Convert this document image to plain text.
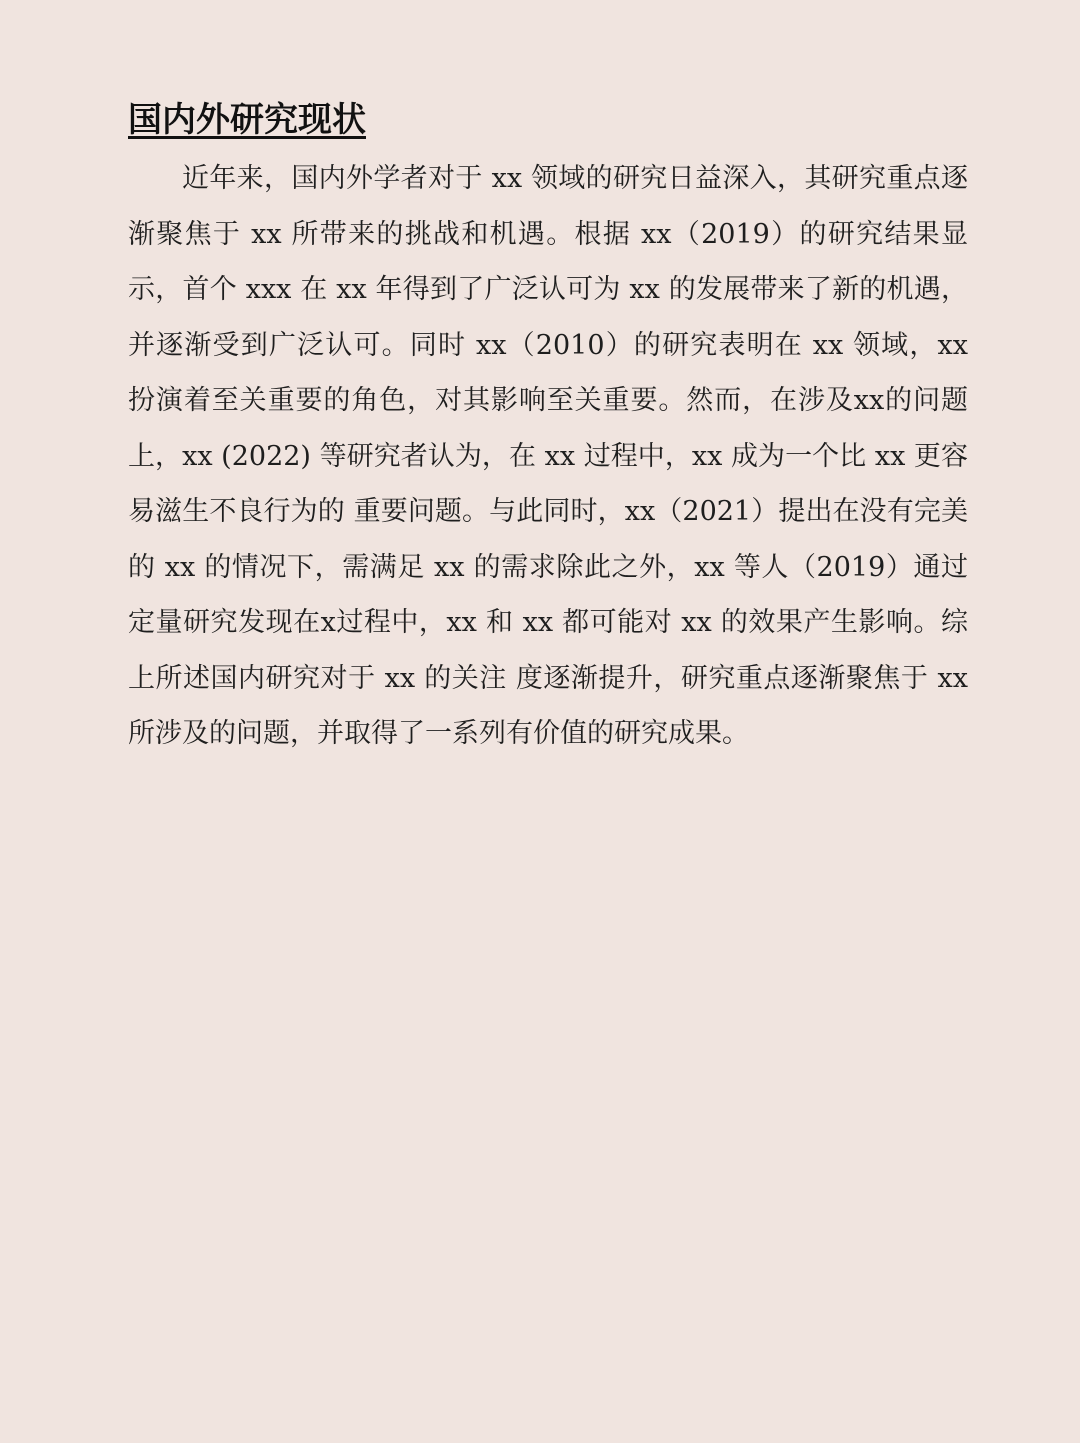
国内外研究现状

近年来，国内外学者对于 xx 领域的研究日益深入，其研究重点逐渐聚焦于 xx 所带来的挑战和机遇。根据 xx（2019）的研究结果显示，首个 xxx 在 xx 年得到了广泛认可为 xx 的发展带来了新的机遇，并逐渐受到广泛认可。同时 xx（2010）的研究表明在 xx 领域，xx 扮演着至关重要的角色，对其影响至关重要。然而，在涉及xx的问题上，xx (2022) 等研究者认为，在 xx 过程中，xx 成为一个比 xx 更容易滋生不良行为的 重要问题。与此同时，xx（2021）提出在没有完美的 xx 的情况下，需满足 xx 的需求除此之外，xx 等人（2019）通过定量研究发现在x过程中，xx 和 xx 都可能对 xx 的效果产生影响。综上所述国内研究对于 xx 的关注 度逐渐提升，研究重点逐渐聚焦于 xx 所涉及的问题，并取得了一系列有价值的研究成果。
